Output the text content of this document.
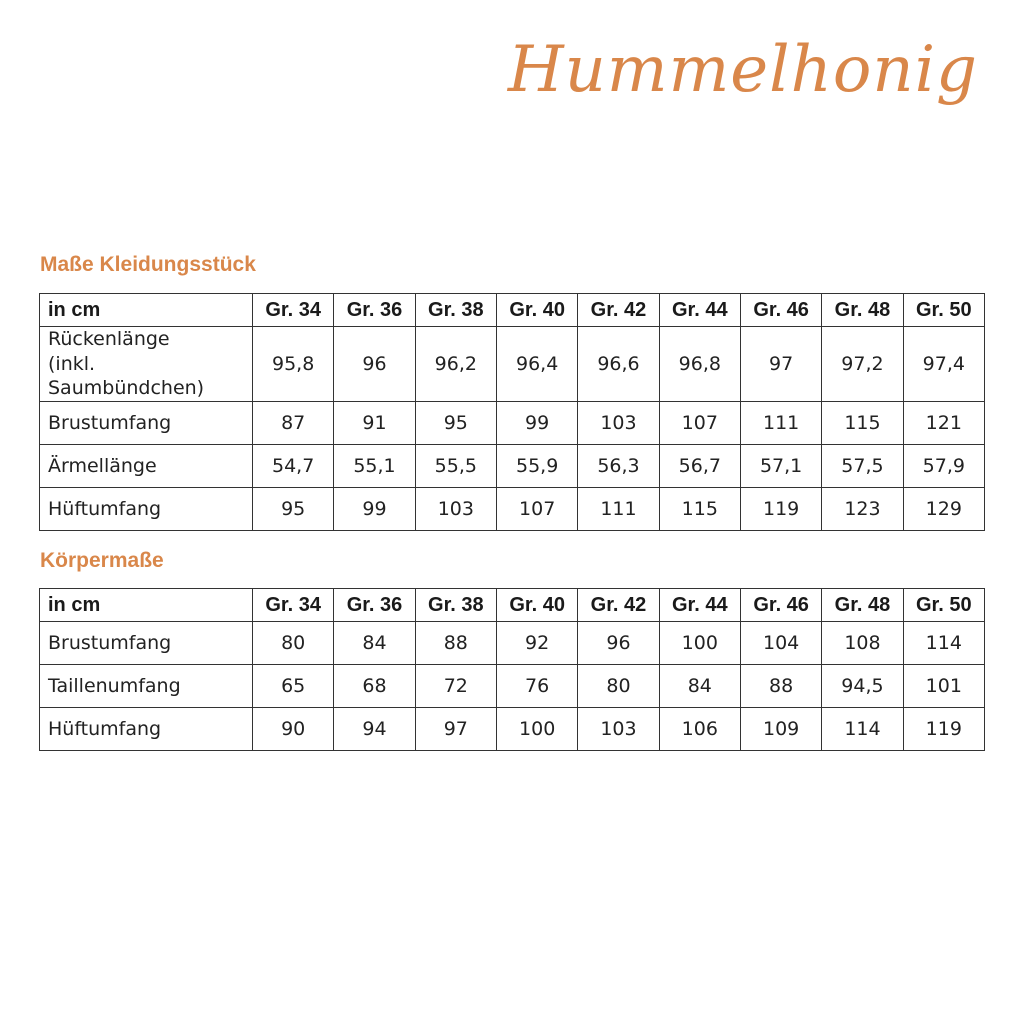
Hummelhonig
Maße Kleidungsstück
in cm	Gr. 34	Gr. 36	Gr. 38	Gr. 40	Gr. 42	Gr. 44	Gr. 46	Gr. 48	Gr. 50
Rückenlänge
(inkl. Saumbündchen)	95,8	96	96,2	96,4	96,6	96,8	97	97,2	97,4
Brustumfang	87	91	95	99	103	107	111	115	121
Ärmellänge	54,7	55,1	55,5	55,9	56,3	56,7	57,1	57,5	57,9
Hüftumfang	95	99	103	107	111	115	119	123	129
Körpermaße
in cm	Gr. 34	Gr. 36	Gr. 38	Gr. 40	Gr. 42	Gr. 44	Gr. 46	Gr. 48	Gr. 50
Brustumfang	80	84	88	92	96	100	104	108	114
Taillenumfang	65	68	72	76	80	84	88	94,5	101
Hüftumfang	90	94	97	100	103	106	109	114	119
